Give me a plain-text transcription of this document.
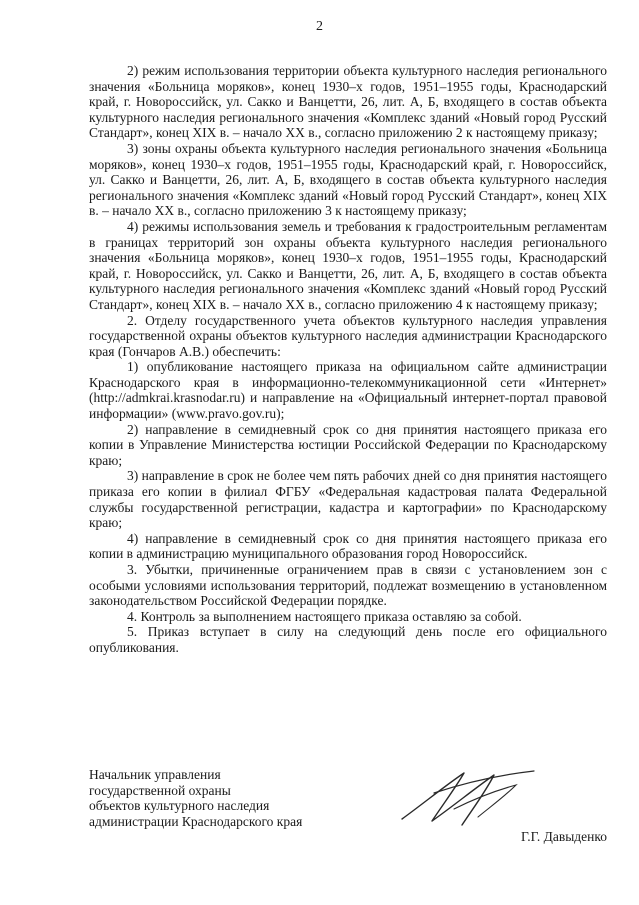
2

2) режим использования территории объекта культурного наследия регионального значения «Больница моряков», конец 1930–х годов, 1951–1955 годы, Краснодарский край, г. Новороссийск, ул. Сакко и Ванцетти, 26, лит. А, Б, входящего в состав объекта культурного наследия регионального значения «Комплекс зданий «Новый город Русский Стандарт», конец XIX в. – начало XX в., согласно приложению 2 к настоящему приказу;

3) зоны охраны объекта культурного наследия регионального значения «Больница моряков», конец 1930–х годов, 1951–1955 годы, Краснодарский край, г. Новороссийск, ул. Сакко и Ванцетти, 26, лит. А, Б, входящего в состав объекта культурного наследия регионального значения «Комплекс зданий «Новый город Русский Стандарт», конец XIX в. – начало XX в., согласно приложению 3 к настоящему приказу;

4) режимы использования земель и требования к градостроительным регламентам в границах территорий зон охраны объекта культурного наследия регионального значения «Больница моряков», конец 1930–х годов, 1951–1955 годы, Краснодарский край, г. Новороссийск, ул. Сакко и Ванцетти, 26, лит. А, Б, входящего в состав объекта культурного наследия регионального значения «Комплекс зданий «Новый город Русский Стандарт», конец XIX в. – начало XX в., согласно приложению 4 к настоящему приказу;

2. Отделу государственного учета объектов культурного наследия управления государственной охраны объектов культурного наследия администрации Краснодарского края (Гончаров А.В.) обеспечить:

1) опубликование настоящего приказа на официальном сайте администрации Краснодарского края в информационно-телекоммуникационной сети «Интернет» (http://admkrai.krasnodar.ru) и направление на «Официальный интернет-портал правовой информации» (www.pravo.gov.ru);

2) направление в семидневный срок со дня принятия настоящего приказа его копии в Управление Министерства юстиции Российской Федерации по Краснодарскому краю;

3) направление в срок не более чем пять рабочих дней со дня принятия настоящего приказа его копии в филиал ФГБУ «Федеральная кадастровая палата Федеральной службы государственной регистрации, кадастра и картографии» по Краснодарскому краю;

4) направление в семидневный срок со дня принятия настоящего приказа его копии в администрацию муниципального образования город Новороссийск.

3. Убытки, причиненные ограничением прав в связи с установлением зон с особыми условиями использования территорий, подлежат возмещению в установленном законодательством Российской Федерации порядке.

4. Контроль за выполнением настоящего приказа оставляю за собой.

5. Приказ вступает в силу на следующий день после его официального опубликования.

Начальник управления
государственной охраны
объектов культурного наследия
администрации Краснодарского края
Г.Г. Давыденко
